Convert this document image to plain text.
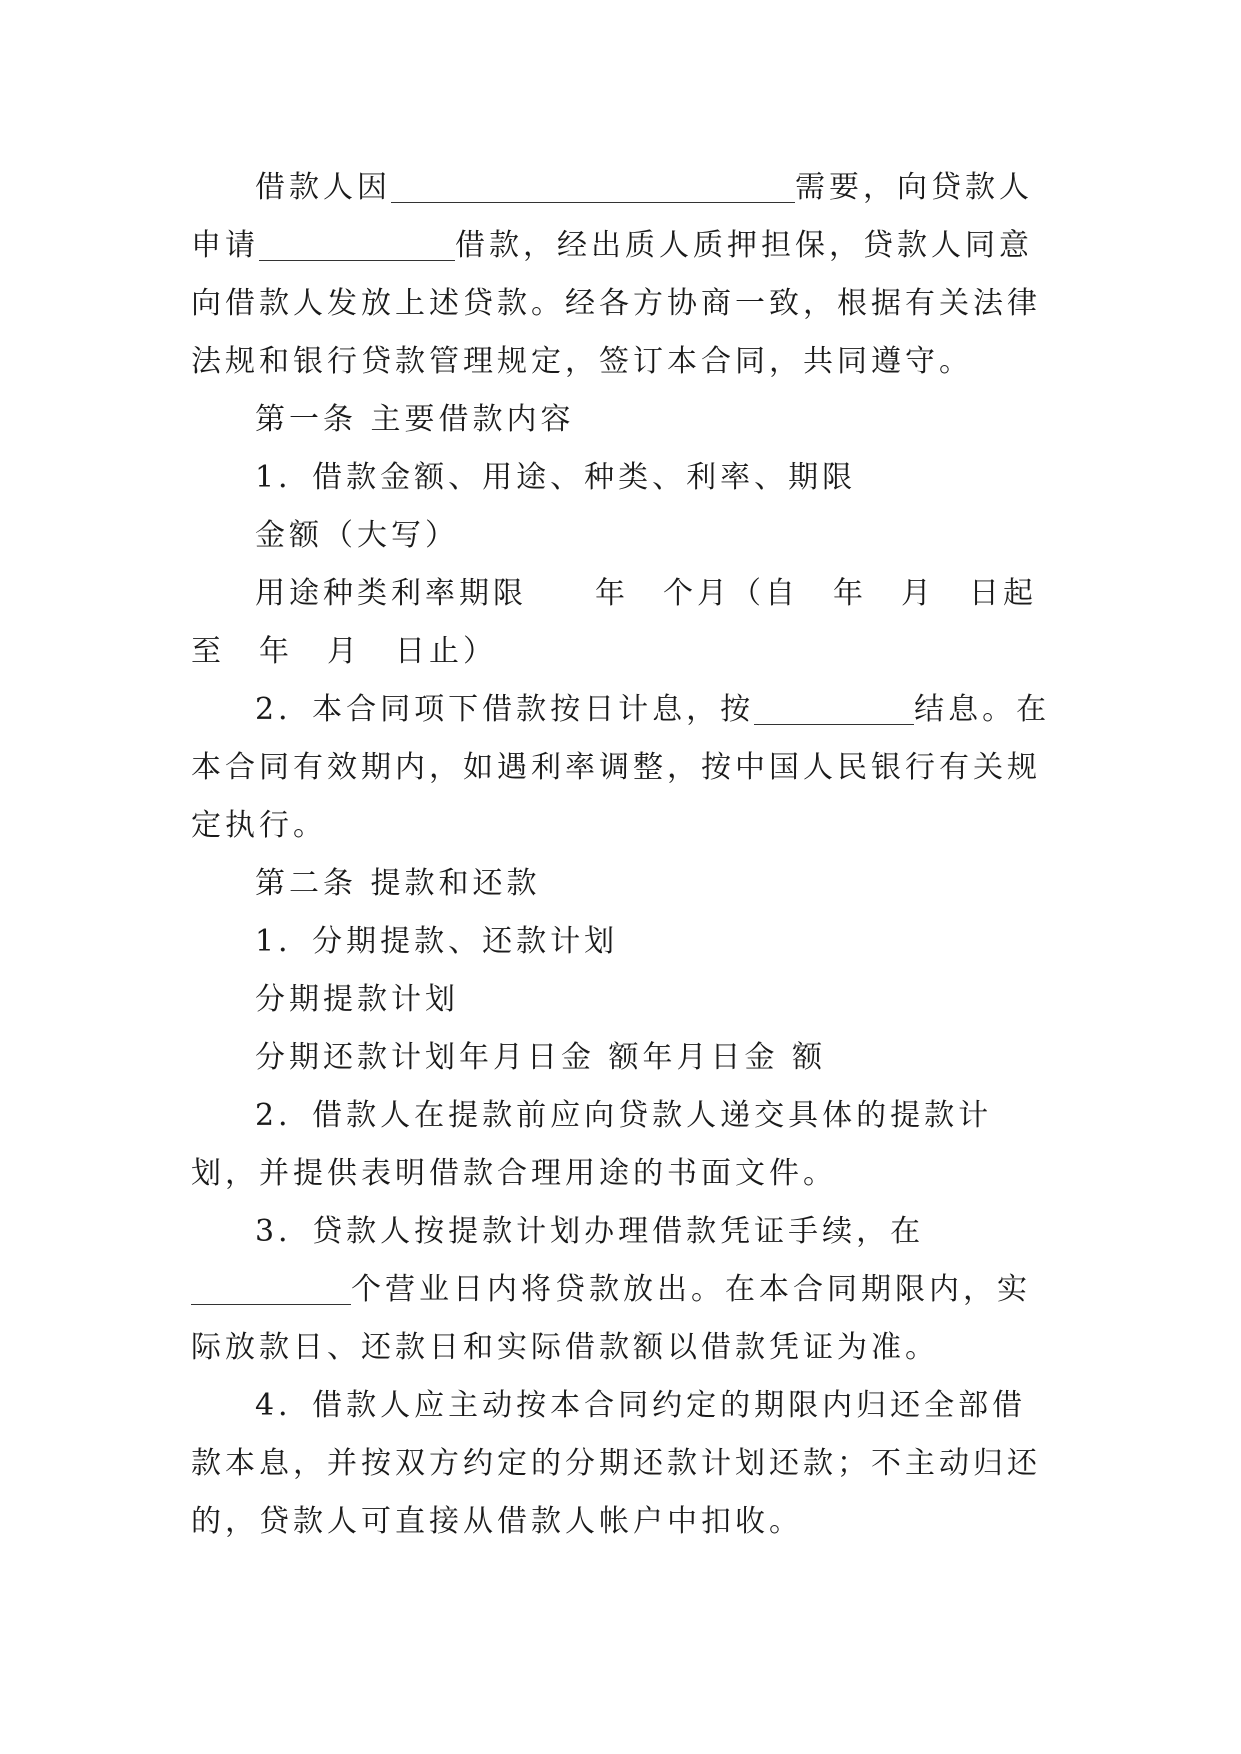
借款人因	需要，向贷款人申请	借款，经出质人质押担保，贷款人同意向借款人发放上述贷款。经各方协商一致，根据有关法律法规和银行贷款管理规定，签订本合同，共同遵守。

第一条 主要借款内容

1．借款金额、用途、种类、利率、期限

金额（大写）

用途种类利率期限　　年　个月（自　年　月　日起至　年　月　日止）

2．本合同项下借款按日计息，按	结息。在本合同有效期内，如遇利率调整，按中国人民银行有关规定执行。

第二条 提款和还款

1．分期提款、还款计划

分期提款计划

分期还款计划年月日金 额年月日金 额

2．借款人在提款前应向贷款人递交具体的提款计划，并提供表明借款合理用途的书面文件。

3．贷款人按提款计划办理借款凭证手续，在个营业日内将贷款放出。在本合同期限内，实际放款日、还款日和实际借款额以借款凭证为准。

4．借款人应主动按本合同约定的期限内归还全部借款本息，并按双方约定的分期还款计划还款；不主动归还的，贷款人可直接从借款人帐户中扣收。
